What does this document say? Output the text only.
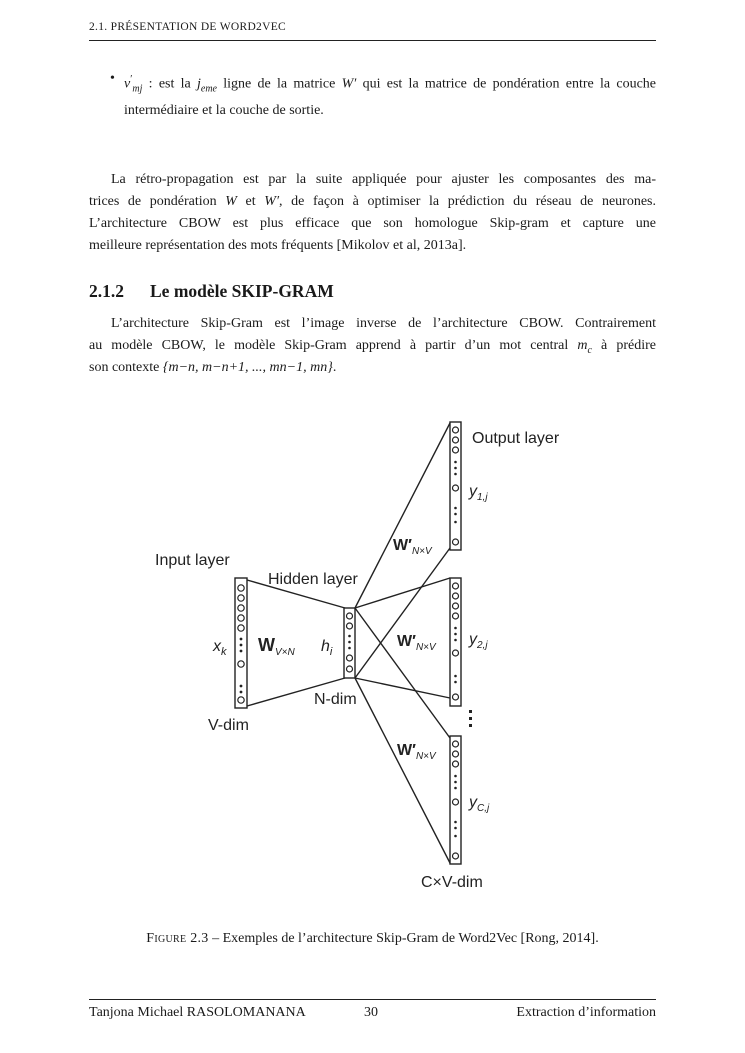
2.1. PRÉSENTATION DE WORD2VEC
• $v'_{mj}$ : est la $j_{eme}$ ligne de la matrice W′ qui est la matrice de pondération entre la couche intermédiaire et la couche de sortie.
La rétro-propagation est par la suite appliquée pour ajuster les composantes des ma-
trices de pondération W et W′, de façon à optimiser la prédiction du réseau de neurones.
L’architecture CBOW est plus efficace que son homologue Skip-gram et capture une
meilleure représentation des mots fréquents [Mikolov et al, 2013a].
2.1.2 Le modèle SKIP-GRAM
L’architecture Skip-Gram est l’image inverse de l’architecture CBOW. Contrairement
au modèle CBOW, le modèle Skip-Gram apprend à partir d’un mot central $m_c$ à prédire
son contexte {m−n, m−n+1, ..., mn−1, mn}.
Input layer
Hidden layer
Output layer
$x_k$ $W_{V\times N}$ $h_i$
$W'_{N\times V}$
$W'_{N\times V}$
$W'_{N\times V}$
$y_{1,j}$
$y_{2,j}$
$y_{C,j}$
V-dim
N-dim
C×V-dim
Figure 2.3 – Exemples de l’architecture Skip-Gram de Word2Vec [Rong, 2014].
Tanjona Michael RASOLOMANANA	30	Extraction d’information
